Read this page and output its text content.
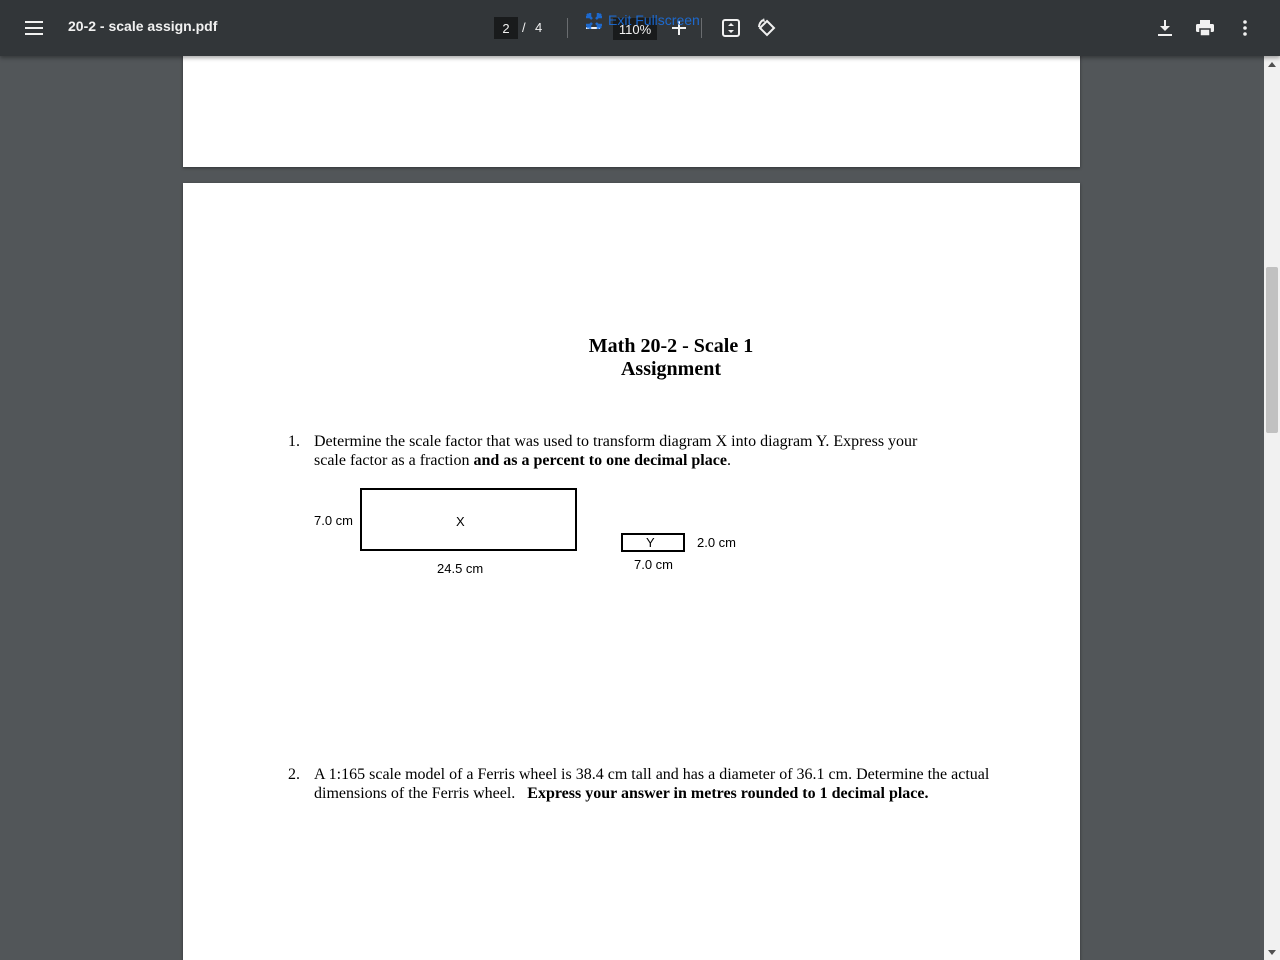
20-2 - scale assign.pdf
2	/ 4
110%	Exit Fullscreen
Math 20-2 - Scale 1
Assignment
1. Determine the scale factor that was used to transform diagram X into diagram Y. Express your
scale factor as a fraction and as a percent to one decimal place.
7.0 cm	X
24.5 cm
Y	2.0 cm
7.0 cm
2. A 1:165 scale model of a Ferris wheel is 38.4 cm tall and has a diameter of 36.1 cm. Determine the actual
dimensions of the Ferris wheel.   Express your answer in metres rounded to 1 decimal place.
